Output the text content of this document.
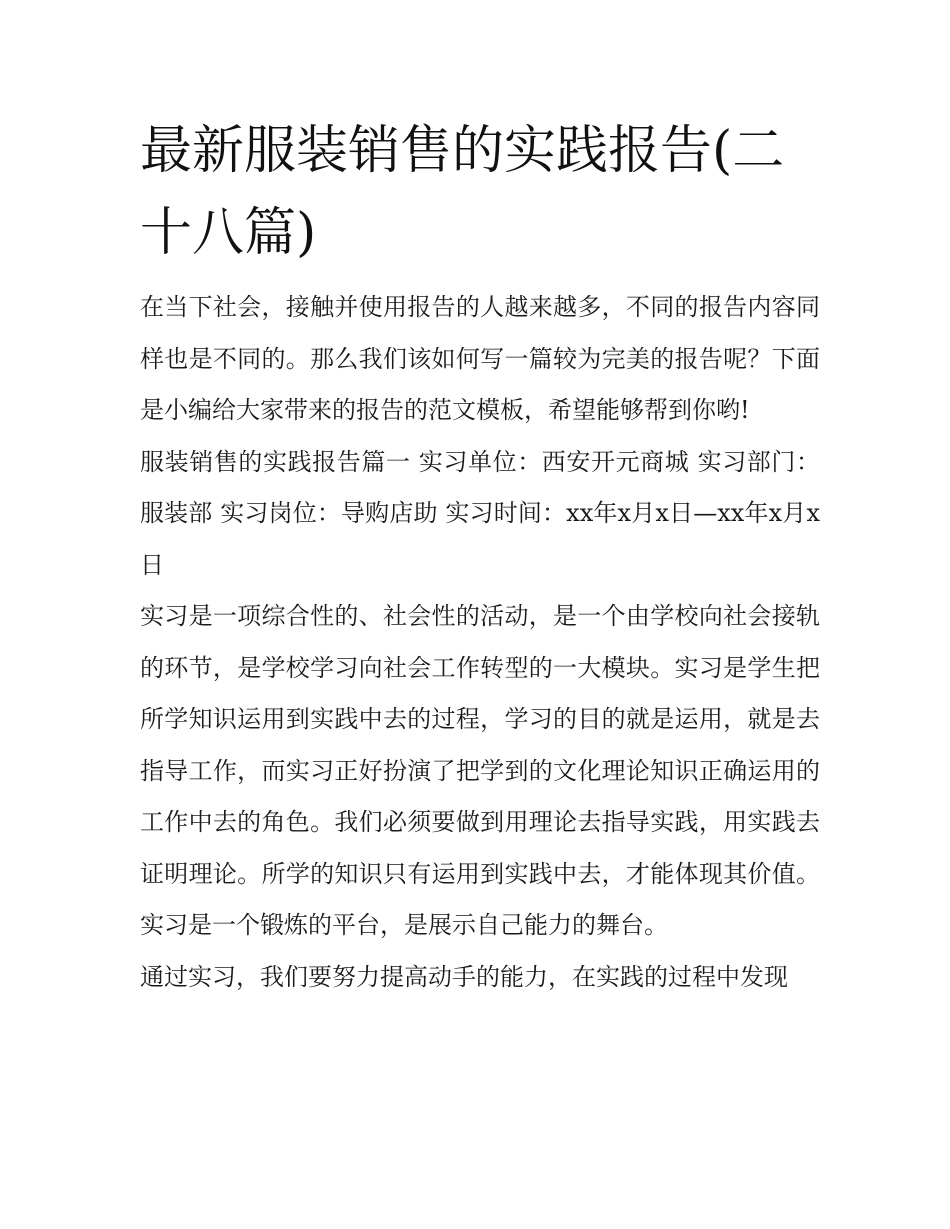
最新服装销售的实践报告(二十八篇)

在当下社会，接触并使用报告的人越来越多，不同的报告内容同样也是不同的。那么我们该如何写一篇较为完美的报告呢？下面是小编给大家带来的报告的范文模板，希望能够帮到你哟!

服装销售的实践报告篇一 实习单位：西安开元商城 实习部门：服装部 实习岗位：导购店助 实习时间：xx年x月x日—xx年x月x日

实习是一项综合性的、社会性的活动，是一个由学校向社会接轨的环节，是学校学习向社会工作转型的一大模块。实习是学生把所学知识运用到实践中去的过程，学习的目的就是运用，就是去指导工作，而实习正好扮演了把学到的文化理论知识正确运用的工作中去的角色。我们必须要做到用理论去指导实践，用实践去证明理论。所学的知识只有运用到实践中去，才能体现其价值。实习是一个锻炼的平台，是展示自己能力的舞台。

通过实习，我们要努力提高动手的能力，在实践的过程中发现
